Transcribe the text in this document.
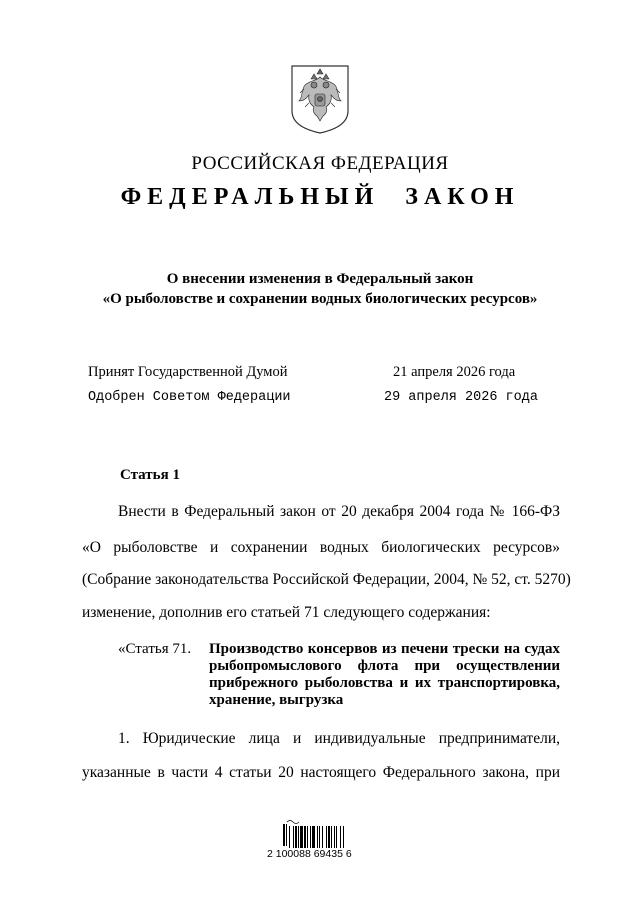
РОССИЙСКАЯ ФЕДЕРАЦИЯ
ФЕДЕРАЛЬНЫЙ ЗАКОН
О внесении изменения в Федеральный закон
«О рыболовстве и сохранении водных биологических ресурсов»
Принят Государственной Думой	21 апреля 2026 года
Одобрен Советом Федерации	29 апреля 2026 года
Статья 1
Внести в Федеральный закон от 20 декабря 2004 года № 166-ФЗ
«О рыболовстве и сохранении водных биологических ресурсов»
(Собрание законодательства Российской Федерации, 2004, № 52, ст. 5270)
изменение, дополнив его статьей 71 следующего содержания:
«Статья 71. Производство консервов из печени трески на судах
рыбопромыслового флота при осуществлении
прибрежного рыболовства и их транспортировка,
хранение, выгрузка
1. Юридические лица и индивидуальные предприниматели,
указанные в части 4 статьи 20 настоящего Федерального закона, при
2 100088 69435 6
